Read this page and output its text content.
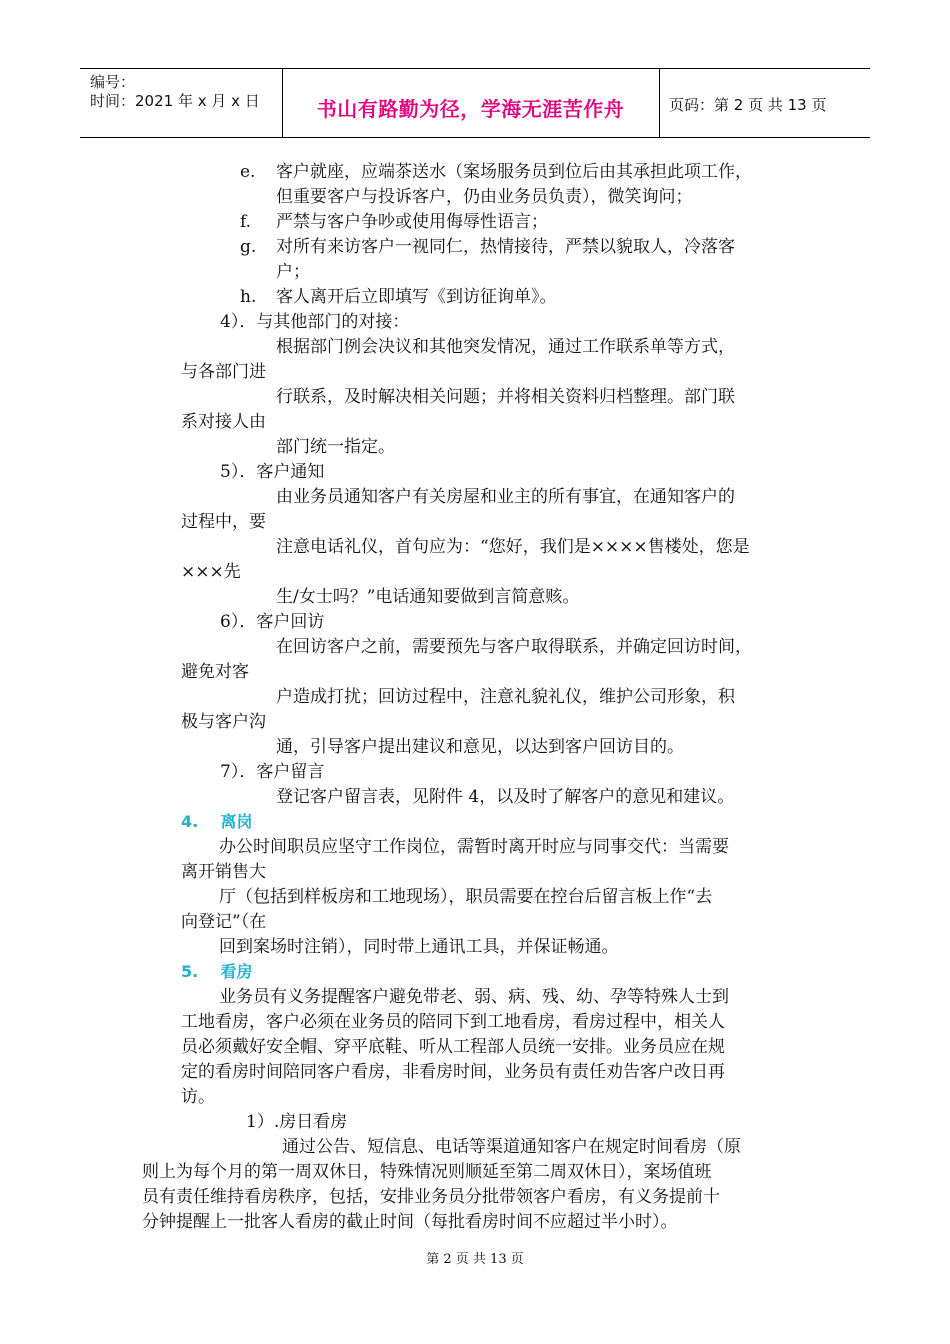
编号：
时间：2021 年 x 月 x 日	书山有路勤为径，学海无涯苦作舟	页码：第 2 页 共 13 页
e. 客户就座，应端茶送水（案场服务员到位后由其承担此项工作，
但重要客户与投诉客户，仍由业务员负责），微笑询问；
f. 严禁与客户争吵或使用侮辱性语言；
g. 对所有来访客户一视同仁，热情接待，严禁以貌取人，冷落客
户；
h. 客人离开后立即填写《到访征询单》。
4）．与其他部门的对接：
根据部门例会决议和其他突发情况，通过工作联系单等方式，
与各部门进
行联系，及时解决相关问题；并将相关资料归档整理。部门联
系对接人由
部门统一指定。
5）．客户通知
由业务员通知客户有关房屋和业主的所有事宜，在通知客户的
过程中，要
注意电话礼仪，首句应为：“您好，我们是××××售楼处，您是
×××先
生/女士吗？”电话通知要做到言简意赅。
6）．客户回访
在回访客户之前，需要预先与客户取得联系，并确定回访时间，
避免对客
户造成打扰；回访过程中，注意礼貌礼仪，维护公司形象，积
极与客户沟
通，引导客户提出建议和意见，以达到客户回访目的。
7）．客户留言
登记客户留言表，见附件 4，以及时了解客户的意见和建议。
4.    离岗
办公时间职员应坚守工作岗位，需暂时离开时应与同事交代：当需要
离开销售大
厅（包括到样板房和工地现场），职员需要在控台后留言板上作“去
向登记”（在
回到案场时注销），同时带上通讯工具，并保证畅通。
5.    看房
业务员有义务提醒客户避免带老、弱、病、残、幼、孕等特殊人士到
工地看房，客户必须在业务员的陪同下到工地看房，看房过程中，相关人
员必须戴好安全帽、穿平底鞋、听从工程部人员统一安排。业务员应在规
定的看房时间陪同客户看房，非看房时间，业务员有责任劝告客户改日再
访。
1）.房日看房
通过公告、短信息、电话等渠道通知客户在规定时间看房（原
则上为每个月的第一周双休日，特殊情况则顺延至第二周双休日），案场值班
员有责任维持看房秩序，包括，安排业务员分批带领客户看房，有义务提前十
分钟提醒上一批客人看房的截止时间（每批看房时间不应超过半小时）。
第 2 页 共 13 页
